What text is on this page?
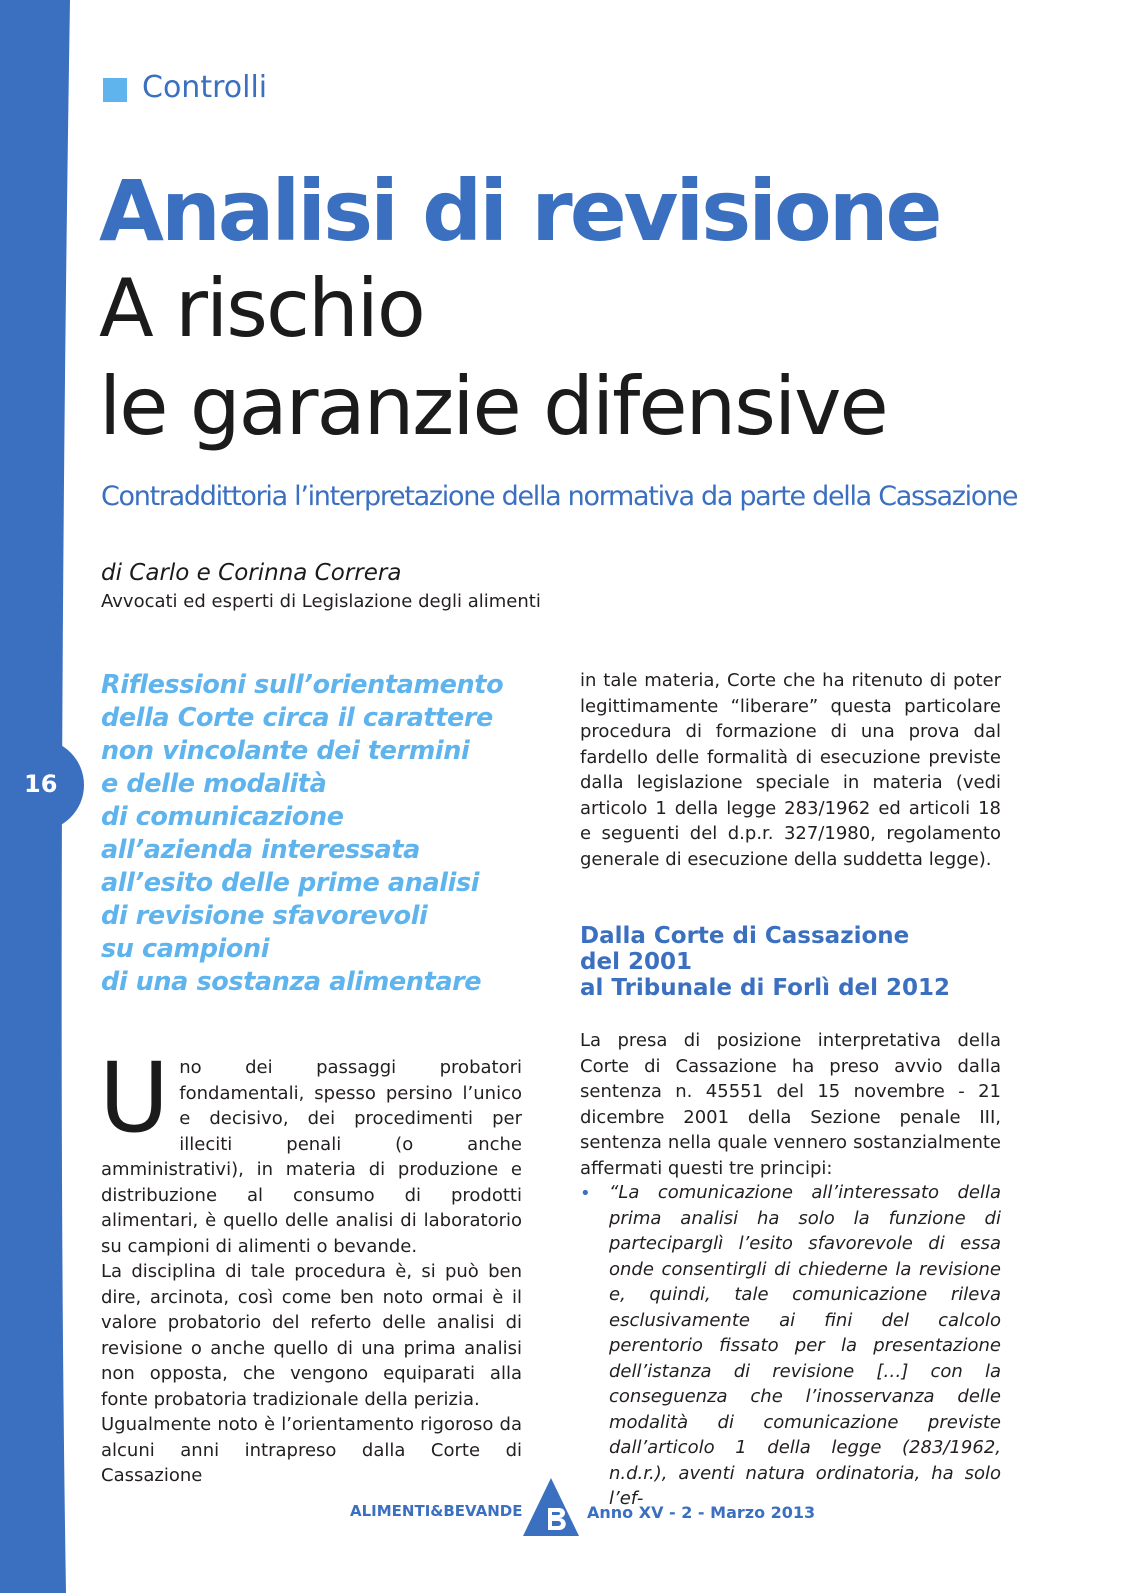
16
Controlli
Analisi di revisione
A rischio
le garanzie difensive
Contraddittoria l’interpretazione della normativa da parte della Cassazione
di Carlo e Corinna Correra
Avvocati ed esperti di Legislazione degli alimenti
Riflessioni sull’orientamento
della Corte circa il carattere
non vincolante dei termini
e delle modalità
di comunicazione
all’azienda interessata
all’esito delle prime analisi
di revisione sfavorevoli
su campioni
di una sostanza alimentare
U no dei passaggi probatori fondamentali, spesso persino l’unico e decisivo, dei procedimenti per illeciti penali (o anche amministrativi), in materia di produzione e distribuzione al consumo di prodotti alimentari, è quello delle analisi di laboratorio su campioni di alimenti o bevande.

La disciplina di tale procedura è, si può ben dire, arcinota, così come ben noto ormai è il valore probatorio del referto delle analisi di revisione o anche quello di una prima analisi non opposta, che vengono equiparati alla fonte probatoria tradizionale della perizia.

Ugualmente noto è l’orientamento rigoroso da alcuni anni intrapreso dalla Corte di Cassazione

in tale materia, Corte che ha ritenuto di poter legittimamente “liberare” questa particolare procedura di formazione di una prova dal fardello delle formalità di esecuzione previste dalla legislazione speciale in materia (vedi articolo 1 della legge 283/1962 ed articoli 18 e seguenti del d.p.r. 327/1980, regolamento generale di esecuzione della suddetta legge).

Dalla Corte di Cassazione
del 2001
al Tribunale di Forlì del 2012

La presa di posizione interpretativa della Corte di Cassazione ha preso avvio dalla sentenza n. 45551 del 15 novembre - 21 dicembre 2001 della Sezione penale III, sentenza nella quale vennero sostanzialmente affermati questi tre principi:

• “La comunicazione all’interessato della prima analisi ha solo la funzione di parteciparglì l’esito sfavorevole di essa onde consentirgli di chiederne la revisione e, quindi, tale comunicazione rileva esclusivamente ai fini del calcolo perentorio fissato per la presentazione dell’istanza di revisione […] con la conseguenza che l’inosservanza delle modalità di comunicazione previste dall’articolo 1 della legge (283/1962, n.d.r.), aventi natura ordinatoria, ha solo l’ef-
ALIMENTI&BEVANDE	Anno XV - 2 - Marzo 2013
